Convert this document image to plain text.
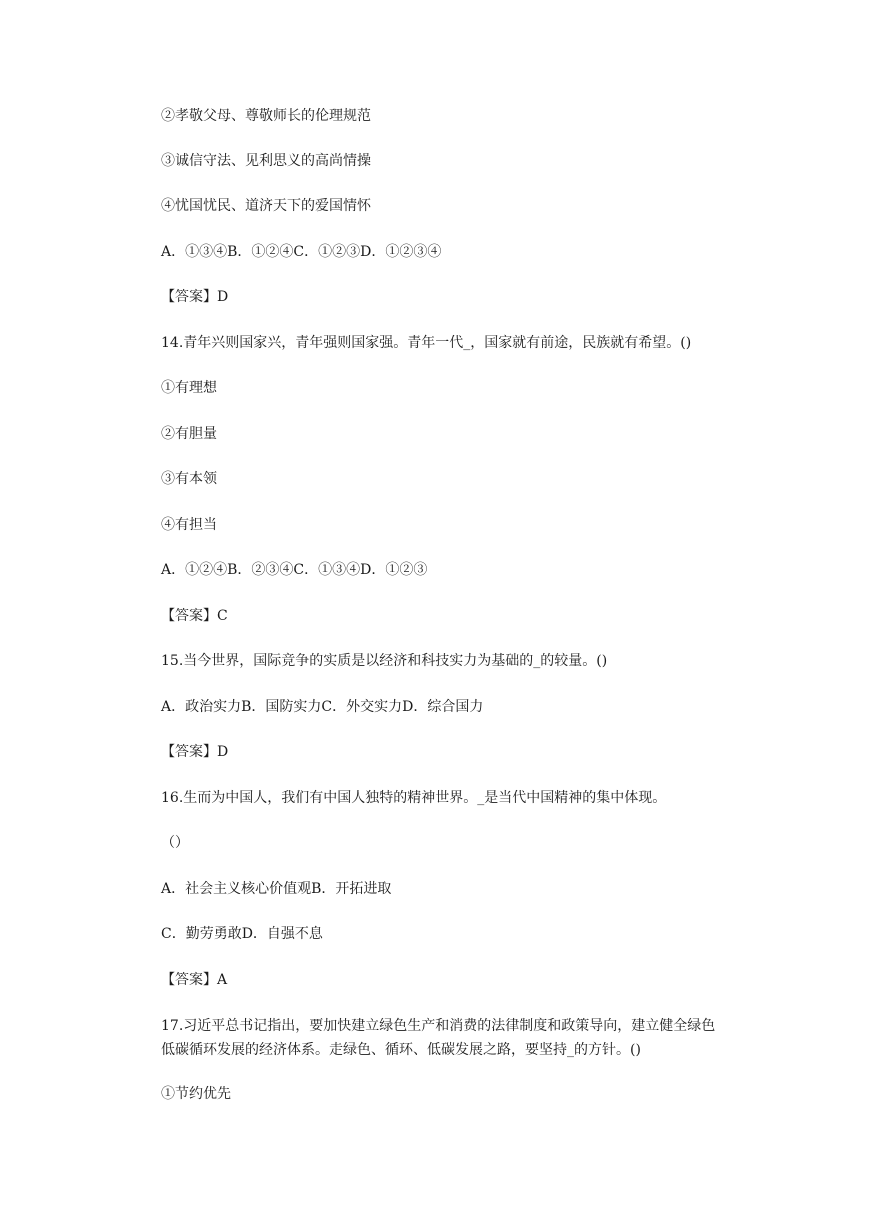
②孝敬父母、尊敬师长的伦理规范
③诚信守法、见利思义的高尚情操
④忧国忧民、道济天下的爱国情怀
A．①③④B．①②④C．①②③D．①②③④
【答案】D
14.青年兴则国家兴，青年强则国家强。青年一代_，国家就有前途，民族就有希望。()
①有理想
②有胆量
③有本领
④有担当
A．①②④B．②③④C．①③④D．①②③
【答案】C
15.当今世界，国际竞争的实质是以经济和科技实力为基础的_的较量。()
A．政治实力B．国防实力C．外交实力D．综合国力
【答案】D
16.生而为中国人，我们有中国人独特的精神世界。_是当代中国精神的集中体现。
（）
A．社会主义核心价值观B．开拓进取
C．勤劳勇敢D．自强不息
【答案】A
17.习近平总书记指出，要加快建立绿色生产和消费的法律制度和政策导向，建立健全绿色低碳循环发展的经济体系。走绿色、循环、低碳发展之路，要坚持_的方针。()
①节约优先
